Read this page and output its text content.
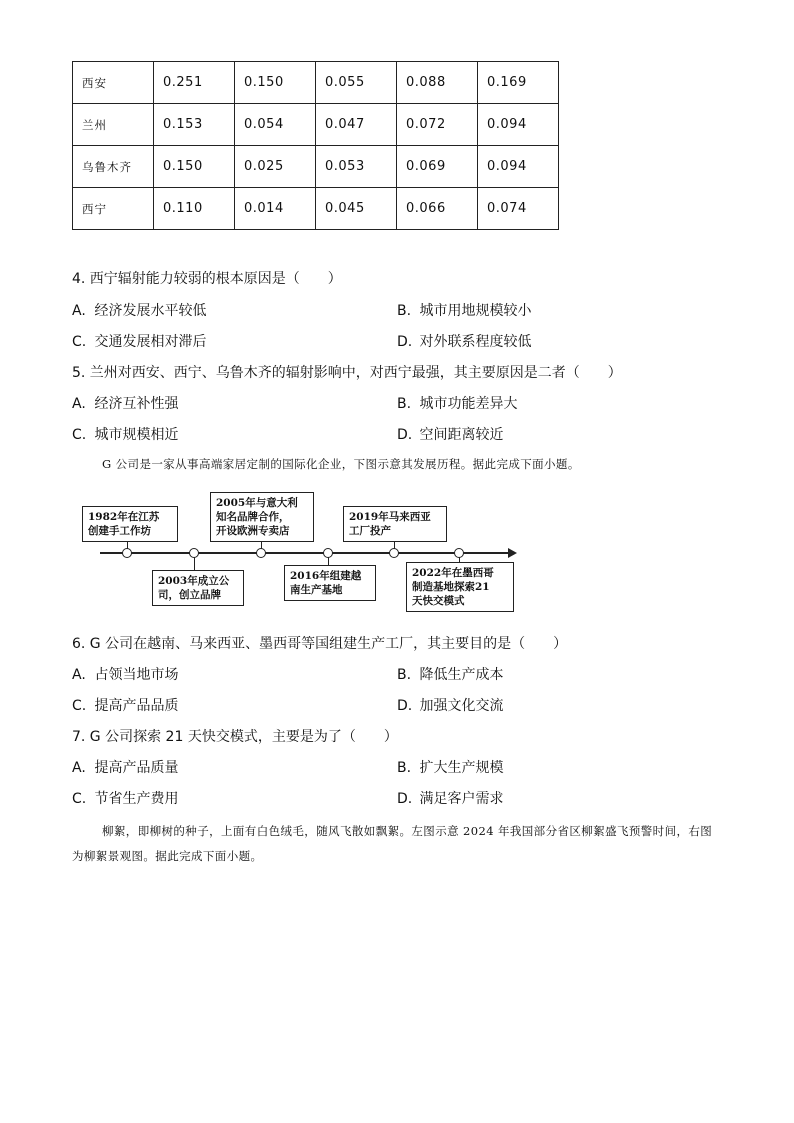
西安	0.251	0.150	0.055	0.088	0.169
兰州	0.153	0.054	0.047	0.072	0.094
乌鲁木齐	0.150	0.025	0.053	0.069	0.094
西宁	0.110	0.014	0.045	0.066	0.074
4. 西宁辐射能力较弱的根本原因是（　　）
A. 经济发展水平较低	B. 城市用地规模较小
C. 交通发展相对滞后	D. 对外联系程度较低
5. 兰州对西安、西宁、乌鲁木齐的辐射影响中，对西宁最强，其主要原因是二者（　　）
A. 经济互补性强	B. 城市功能差异大
C. 城市规模相近	D. 空间距离较近
G 公司是一家从事高端家居定制的国际化企业，下图示意其发展历程。据此完成下面小题。
1982年在江苏
创建手工作坊
2003年成立公
司，创立品牌
2005年与意大利
知名品牌合作，
开设欧洲专卖店
2016年组建越
南生产基地
2019年马来西亚
工厂投产
2022年在墨西哥
制造基地探索21
天快交模式
6. G 公司在越南、马来西亚、墨西哥等国组建生产工厂，其主要目的是（　　）
A. 占领当地市场	B. 降低生产成本
C. 提高产品品质	D. 加强文化交流
7. G 公司探索 21 天快交模式，主要是为了（　　）
A. 提高产品质量	B. 扩大生产规模
C. 节省生产费用	D. 满足客户需求
柳絮，即柳树的种子，上面有白色绒毛，随风飞散如飘絮。左图示意 2024 年我国部分省区柳絮盛飞预警时间，右图为柳絮景观图。据此完成下面小题。
